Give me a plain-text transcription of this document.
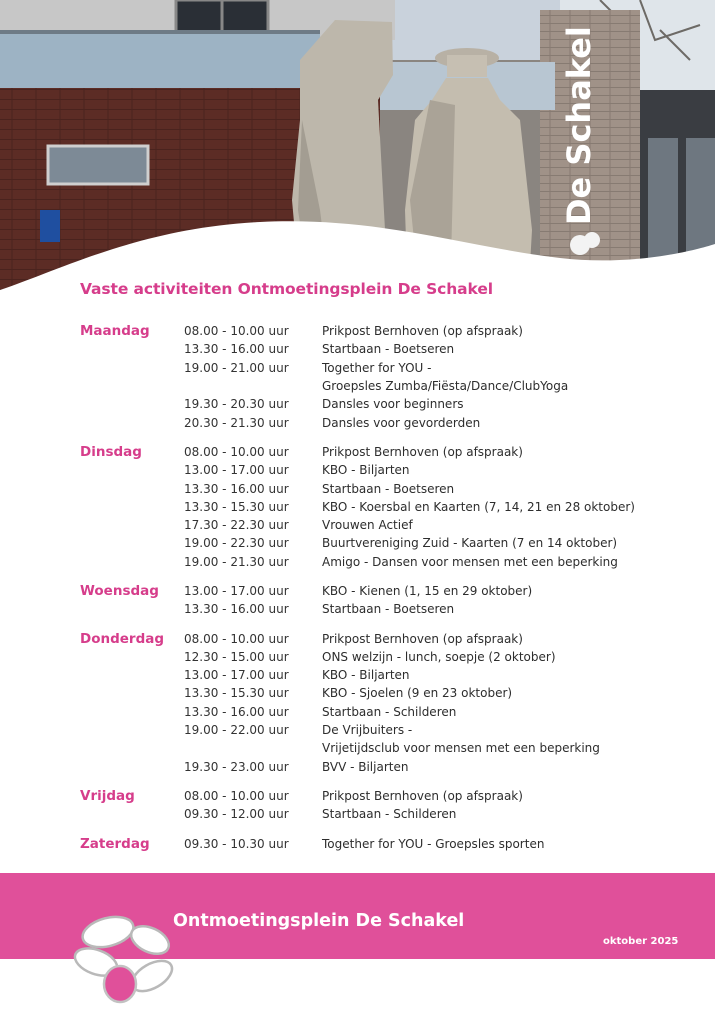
De Schakel
Vaste activiteiten Ontmoetingsplein De Schakel
Maandag	08.00 - 10.00 uur	Prikpost Bernhoven (op afspraak)
13.30 - 16.00 uur	Startbaan - Boetseren
19.00 - 21.00 uur	Together for YOU -
Groepsles Zumba/Fiësta/Dance/ClubYoga
19.30 - 20.30 uur	Dansles voor beginners
20.30 - 21.30 uur	Dansles voor gevorderden
Dinsdag	08.00 - 10.00 uur	Prikpost Bernhoven (op afspraak)
13.00 - 17.00 uur	KBO - Biljarten
13.30 - 16.00 uur	Startbaan - Boetseren
13.30 - 15.30 uur	KBO - Koersbal en Kaarten (7, 14, 21 en 28 oktober)
17.30 - 22.30 uur	Vrouwen Actief
19.00 - 22.30 uur	Buurtvereniging Zuid - Kaarten (7 en 14 oktober)
19.00 - 21.30 uur	Amigo - Dansen voor mensen met een beperking
Woensdag	13.00 - 17.00 uur	KBO - Kienen (1, 15 en 29 oktober)
13.30 - 16.00 uur	Startbaan - Boetseren
Donderdag	08.00 - 10.00 uur	Prikpost Bernhoven (op afspraak)
12.30 - 15.00 uur	ONS welzijn - lunch, soepje (2 oktober)
13.00 - 17.00 uur	KBO - Biljarten
13.30 - 15.30 uur	KBO - Sjoelen (9 en 23 oktober)
13.30 - 16.00 uur	Startbaan - Schilderen
19.00 - 22.00 uur	De Vrijbuiters -
Vrijetijdsclub voor mensen met een beperking
19.30 - 23.00 uur	BVV - Biljarten
Vrijdag	08.00 - 10.00 uur	Prikpost Bernhoven (op afspraak)
09.30 - 12.00 uur	Startbaan - Schilderen
Zaterdag	09.30 - 10.30 uur	Together for YOU - Groepsles sporten
Ontmoetingsplein De Schakel
oktober 2025
